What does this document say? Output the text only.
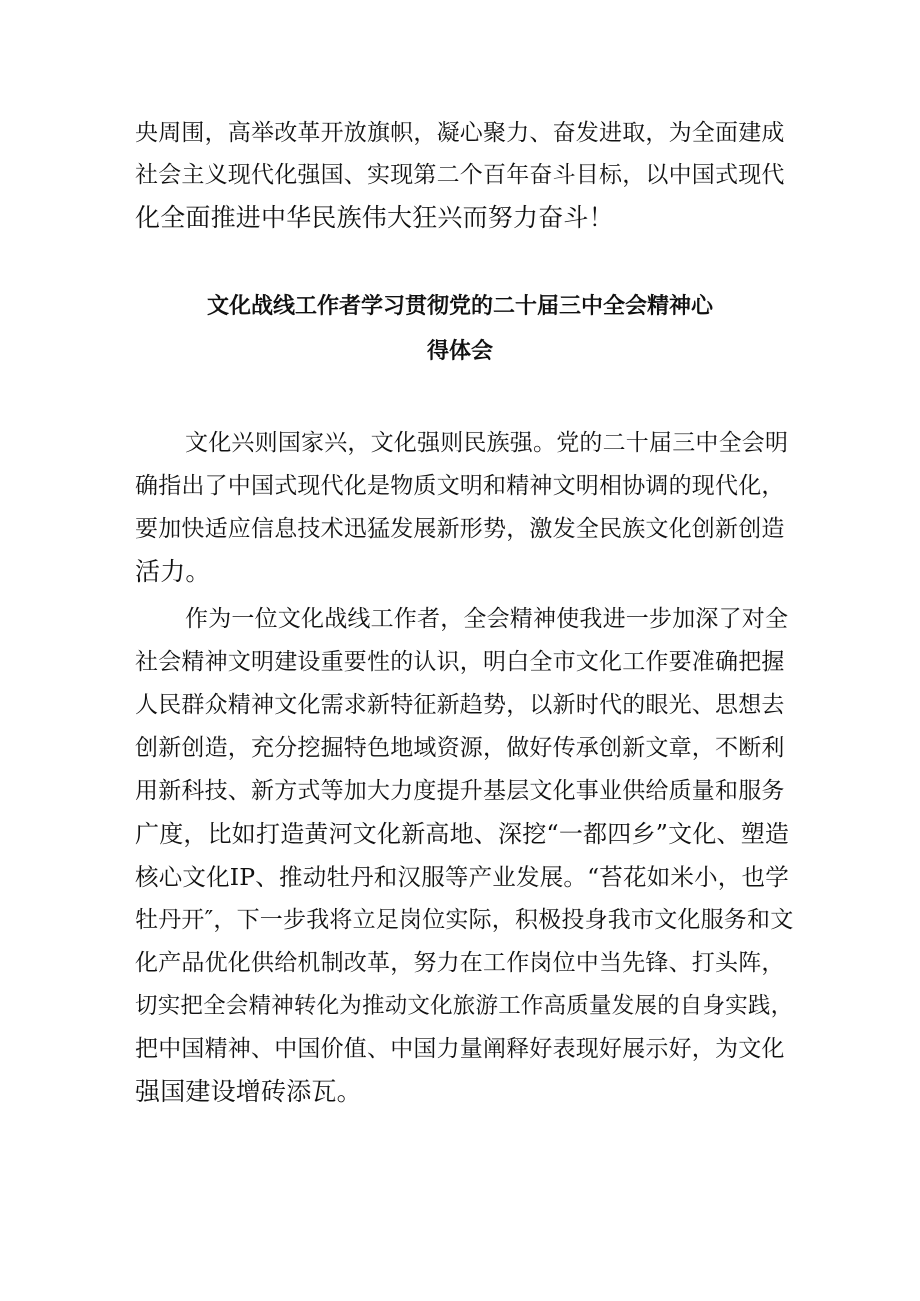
央周围，高举改革开放旗帜，凝心聚力、奋发进取，为全面建成
社会主义现代化强国、实现第二个百年奋斗目标，以中国式现代
化全面推进中华民族伟大狂兴而努力奋斗！
文化战线工作者学习贯彻党的二十届三中全会精神心
得体会
文化兴则国家兴，文化强则民族强。党的二十届三中全会明
确指出了中国式现代化是物质文明和精神文明相协调的现代化，
要加快适应信息技术迅猛发展新形势，激发全民族文化创新创造
活力。
作为一位文化战线工作者，全会精神使我进一步加深了对全
社会精神文明建设重要性的认识，明白全市文化工作要准确把握
人民群众精神文化需求新特征新趋势，以新时代的眼光、思想去
创新创造，充分挖掘特色地域资源，做好传承创新文章，不断利
用新科技、新方式等加大力度提升基层文化事业供给质量和服务
广度，比如打造黄河文化新高地、深挖“一都四乡”文化、塑造
核心文化IP、推动牡丹和汉服等产业发展。“苔花如米小，也学
牡丹开″，下一步我将立足岗位实际，积极投身我市文化服务和文
化产品优化供给机制改革，努力在工作岗位中当先锋、打头阵，
切实把全会精神转化为推动文化旅游工作高质量发展的自身实践，
把中国精神、中国价值、中国力量阐释好表现好展示好，为文化
强国建设增砖添瓦。
